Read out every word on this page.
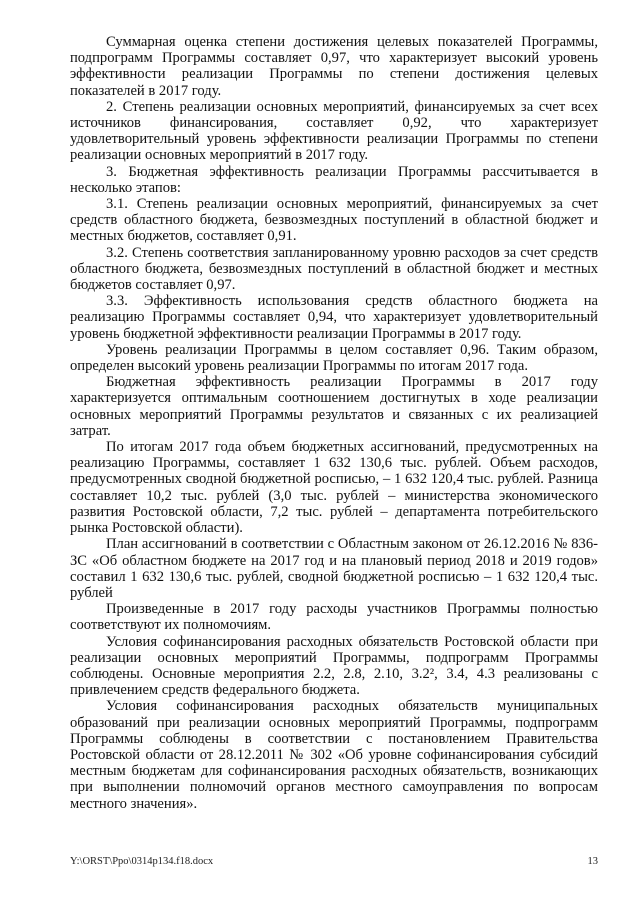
Суммарная оценка степени достижения целевых показателей Программы, подпрограмм Программы составляет 0,97, что характеризует высокий уровень эффективности реализации Программы по степени достижения целевых показателей в 2017 году.

2. Степень реализации основных мероприятий, финансируемых за счет всех источников финансирования, составляет 0,92, что характеризует удовлетворительный уровень эффективности реализации Программы по степени реализации основных мероприятий в 2017 году.

3. Бюджетная эффективность реализации Программы рассчитывается в несколько этапов:

3.1. Степень реализации основных мероприятий, финансируемых за счет средств областного бюджета, безвозмездных поступлений в областной бюджет и местных бюджетов, составляет 0,91.

3.2. Степень соответствия запланированному уровню расходов за счет средств областного бюджета, безвозмездных поступлений в областной бюджет и местных бюджетов составляет 0,97.

3.3. Эффективность использования средств областного бюджета на реализацию Программы составляет 0,94, что характеризует удовлетворительный уровень бюджетной эффективности реализации Программы в 2017 году.

Уровень реализации Программы в целом составляет 0,96. Таким образом, определен высокий уровень реализации Программы по итогам 2017 года.

Бюджетная эффективность реализации Программы в 2017 году характеризуется оптимальным соотношением достигнутых в ходе реализации основных мероприятий Программы результатов и связанных с их реализацией затрат.

По итогам 2017 года объем бюджетных ассигнований, предусмотренных на реализацию Программы, составляет 1 632 130,6 тыс. рублей. Объем расходов, предусмотренных сводной бюджетной росписью, – 1 632 120,4 тыс. рублей. Разница составляет 10,2 тыс. рублей (3,0 тыс. рублей – министерства экономического развития Ростовской области, 7,2 тыс. рублей – департамента потребительского рынка Ростовской области).

План ассигнований в соответствии с Областным законом от 26.12.2016 № 836-ЗС «Об областном бюджете на 2017 год и на плановый период 2018 и 2019 годов» составил 1 632 130,6 тыс. рублей, сводной бюджетной росписью – 1 632 120,4 тыс. рублей

Произведенные в 2017 году расходы участников Программы полностью соответствуют их полномочиям.

Условия софинансирования расходных обязательств Ростовской области при реализации основных мероприятий Программы, подпрограмм Программы соблюдены. Основные мероприятия 2.2, 2.8, 2.10, 3.2², 3.4, 4.3 реализованы с привлечением средств федерального бюджета.

Условия софинансирования расходных обязательств муниципальных образований при реализации основных мероприятий Программы, подпрограмм Программы соблюдены в соответствии с постановлением Правительства Ростовской области от 28.12.2011 № 302 «Об уровне софинансирования субсидий местным бюджетам для софинансирования расходных обязательств, возникающих при выполнении полномочий органов местного самоуправления по вопросам местного значения».

Y:\ORST\Ppo\0314p134.f18.docx	13
